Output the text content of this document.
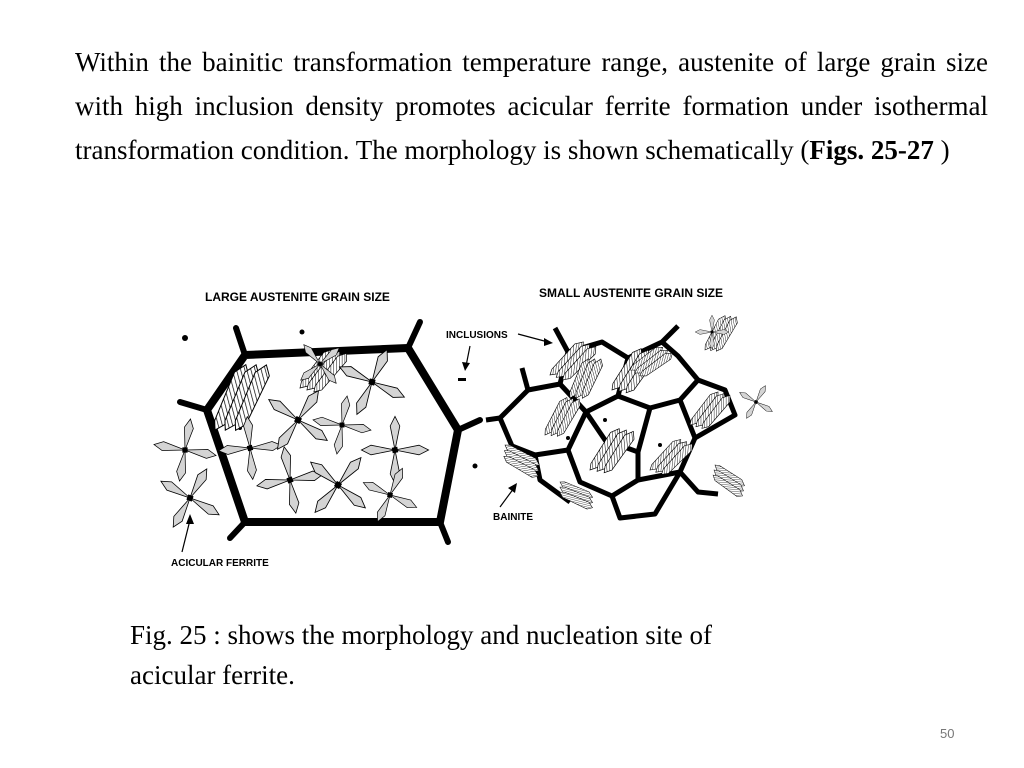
Within the bainitic transformation temperature range, austenite of large grain size with high inclusion density promotes acicular ferrite formation under isothermal transformation condition. The morphology is shown schematically (Figs. 25-27 )

LARGE AUSTENITE GRAIN SIZE	SMALL AUSTENITE GRAIN SIZE
INCLUSIONS
BAINITE
ACICULAR FERRITE

Fig. 25 : shows the morphology and nucleation site of
acicular ferrite.

50
